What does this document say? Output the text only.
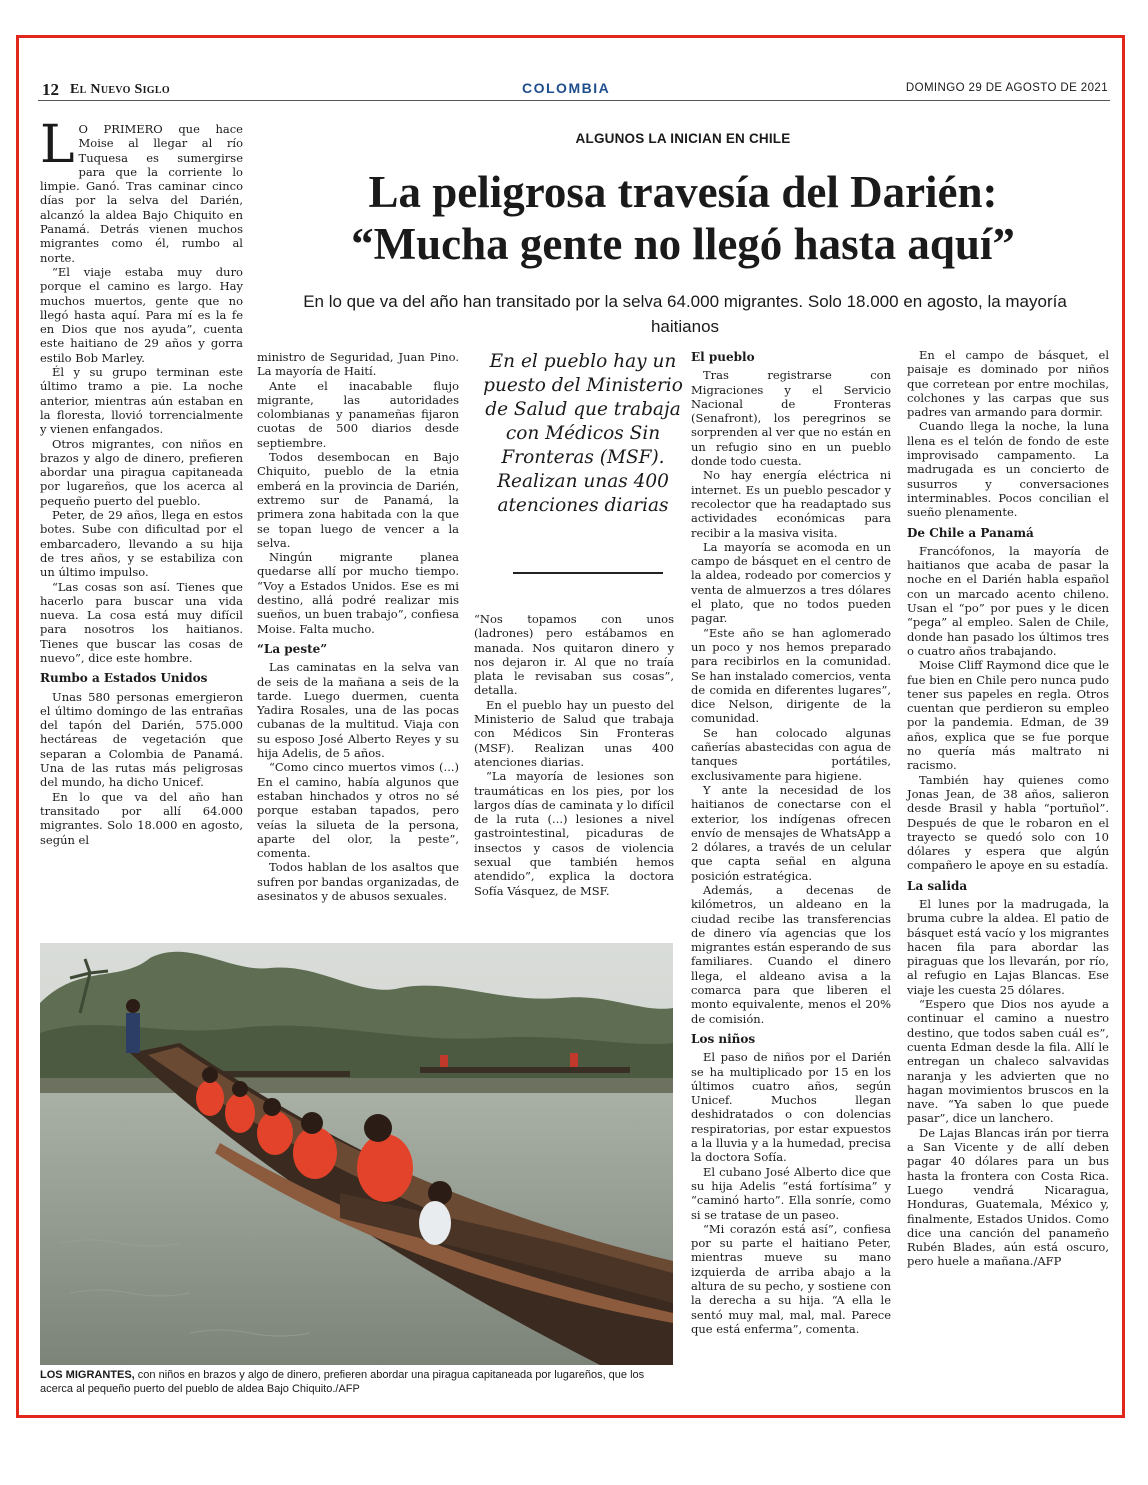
12 El Nuevo Siglo	COLOMBIA	DOMINGO 29 DE AGOSTO DE 2021
ALGUNOS LA INICIAN EN CHILE
La peligrosa travesía del Darién:
“Mucha gente no llegó hasta aquí”
En lo que va del año han transitado por la selva 64.000 migrantes. Solo 18.000 en agosto, la mayoría haitianos

L O PRIMERO que hace Moise al llegar al río Tuquesa es sumergirse para que la corriente lo limpie. Ganó. Tras caminar cinco días por la selva del Darién, alcanzó la aldea Bajo Chiquito en Panamá. Detrás vienen muchos migrantes como él, rumbo al norte.

“El viaje estaba muy duro porque el camino es largo. Hay muchos muertos, gente que no llegó hasta aquí. Para mí es la fe en Dios que nos ayuda”, cuenta este haitiano de 29 años y gorra estilo Bob Marley.

Él y su grupo terminan este último tramo a pie. La noche anterior, mientras aún estaban en la floresta, llovió torrencialmente y vienen enfangados.

Otros migrantes, con niños en brazos y algo de dinero, prefieren abordar una piragua capitaneada por lugareños, que los acerca al pequeño puerto del pueblo.

Peter, de 29 años, llega en estos botes. Sube con dificultad por el embarcadero, llevando a su hija de tres años, y se estabiliza con un último impulso.

“Las cosas son así. Tienes que hacerlo para buscar una vida nueva. La cosa está muy difícil para nosotros los haitianos. Tienes que buscar las cosas de nuevo”, dice este hombre.

Rumbo a Estados Unidos

Unas 580 personas emergieron el último domingo de las entrañas del tapón del Darién, 575.000 hectáreas de vegetación que separan a Colombia de Panamá. Una de las rutas más peligrosas del mundo, ha dicho Unicef.

En lo que va del año han transitado por allí 64.000 migrantes. Solo 18.000 en agosto, según el

ministro de Seguridad, Juan Pino. La mayoría de Haití.

Ante el inacabable flujo migrante, las autoridades colombianas y panameñas fijaron cuotas de 500 diarios desde septiembre.

Todos desembocan en Bajo Chiquito, pueblo de la etnia emberá en la provincia de Darién, extremo sur de Panamá, la primera zona habitada con la que se topan luego de vencer a la selva.

Ningún migrante planea quedarse allí por mucho tiempo. “Voy a Estados Unidos. Ese es mi destino, allá podré realizar mis sueños, un buen trabajo”, confiesa Moise. Falta mucho.

“La peste”

Las caminatas en la selva van de seis de la mañana a seis de la tarde. Luego duermen, cuenta Yadira Rosales, una de las pocas cubanas de la multitud. Viaja con su esposo José Alberto Reyes y su hija Adelis, de 5 años.

“Como cinco muertos vimos (...) En el camino, había algunos que estaban hinchados y otros no sé porque estaban tapados, pero veías la silueta de la persona, aparte del olor, la peste”, comenta.

Todos hablan de los asaltos que sufren por bandas organizadas, de asesinatos y de abusos sexuales.

En el pueblo hay un puesto del Ministerio de Salud que trabaja con Médicos Sin Fronteras (MSF). Realizan unas 400 atenciones diarias

“Nos topamos con unos (ladrones) pero estábamos en manada. Nos quitaron dinero y nos dejaron ir. Al que no traía plata le revisaban sus cosas”, detalla.

En el pueblo hay un puesto del Ministerio de Salud que trabaja con Médicos Sin Fronteras (MSF). Realizan unas 400 atenciones diarias.

“La mayoría de lesiones son traumáticas en los pies, por los largos días de caminata y lo difícil de la ruta (...) lesiones a nivel gastrointestinal, picaduras de insectos y casos de violencia sexual que también hemos atendido”, explica la doctora Sofía Vásquez, de MSF.

El pueblo

Tras registrarse con Migraciones y el Servicio Nacional de Fronteras (Senafront), los peregrinos se sorprenden al ver que no están en un refugio sino en un pueblo donde todo cuesta.

No hay energía eléctrica ni internet. Es un pueblo pescador y recolector que ha readaptado sus actividades económicas para recibir a la masiva visita.

La mayoría se acomoda en un campo de básquet en el centro de la aldea, rodeado por comercios y venta de almuerzos a tres dólares el plato, que no todos pueden pagar.

“Este año se han aglomerado un poco y nos hemos preparado para recibirlos en la comunidad. Se han instalado comercios, venta de comida en diferentes lugares”, dice Nelson, dirigente de la comunidad.

Se han colocado algunas cañerías abastecidas con agua de tanques portátiles, exclusivamente para higiene.

Y ante la necesidad de los haitianos de conectarse con el exterior, los indígenas ofrecen envío de mensajes de WhatsApp a 2 dólares, a través de un celular que capta señal en alguna posición estratégica.

Además, a decenas de kilómetros, un aldeano en la ciudad recibe las transferencias de dinero vía agencias que los migrantes están esperando de sus familiares. Cuando el dinero llega, el aldeano avisa a la comarca para que liberen el monto equivalente, menos el 20% de comisión.

Los niños

El paso de niños por el Darién se ha multiplicado por 15 en los últimos cuatro años, según Unicef. Muchos llegan deshidratados o con dolencias respiratorias, por estar expuestos a la lluvia y a la humedad, precisa la doctora Sofía.

El cubano José Alberto dice que su hija Adelis “está fortísima” y “caminó harto”. Ella sonríe, como si se tratase de un paseo.

“Mi corazón está así”, confiesa por su parte el haitiano Peter, mientras mueve su mano izquierda de arriba abajo a la altura de su pecho, y sostiene con la derecha a su hija. “A ella le sentó muy mal, mal, mal. Parece que está enferma”, comenta.

En el campo de básquet, el paisaje es dominado por niños que corretean por entre mochilas, colchones y las carpas que sus padres van armando para dormir.

Cuando llega la noche, la luna llena es el telón de fondo de este improvisado campamento. La madrugada es un concierto de susurros y conversaciones interminables. Pocos concilian el sueño plenamente.

De Chile a Panamá

Francófonos, la mayoría de haitianos que acaba de pasar la noche en el Darién habla español con un marcado acento chileno. Usan el “po” por pues y le dicen “pega” al empleo. Salen de Chile, donde han pasado los últimos tres o cuatro años trabajando.

Moise Cliff Raymond dice que le fue bien en Chile pero nunca pudo tener sus papeles en regla. Otros cuentan que perdieron su empleo por la pandemia. Edman, de 39 años, explica que se fue porque no quería más maltrato ni racismo.

También hay quienes como Jonas Jean, de 38 años, salieron desde Brasil y habla “portuñol”. Después de que le robaron en el trayecto se quedó solo con 10 dólares y espera que algún compañero le apoye en su estadía.

La salida

El lunes por la madrugada, la bruma cubre la aldea. El patio de básquet está vacío y los migrantes hacen fila para abordar las piraguas que los llevarán, por río, al refugio en Lajas Blancas. Ese viaje les cuesta 25 dólares.

“Espero que Dios nos ayude a continuar el camino a nuestro destino, que todos saben cuál es”, cuenta Edman desde la fila. Allí le entregan un chaleco salvavidas naranja y les advierten que no hagan movimientos bruscos en la nave. “Ya saben lo que puede pasar”, dice un lanchero.

De Lajas Blancas irán por tierra a San Vicente y de allí deben pagar 40 dólares para un bus hasta la frontera con Costa Rica. Luego vendrá Nicaragua, Honduras, Guatemala, México y, finalmente, Estados Unidos. Como dice una canción del panameño Rubén Blades, aún está oscuro, pero huele a mañana./AFP

LOS MIGRANTES, con niños en brazos y algo de dinero, prefieren abordar una piragua capitaneada por lugareños, que los acerca al pequeño puerto del pueblo de aldea Bajo Chiquito./AFP
